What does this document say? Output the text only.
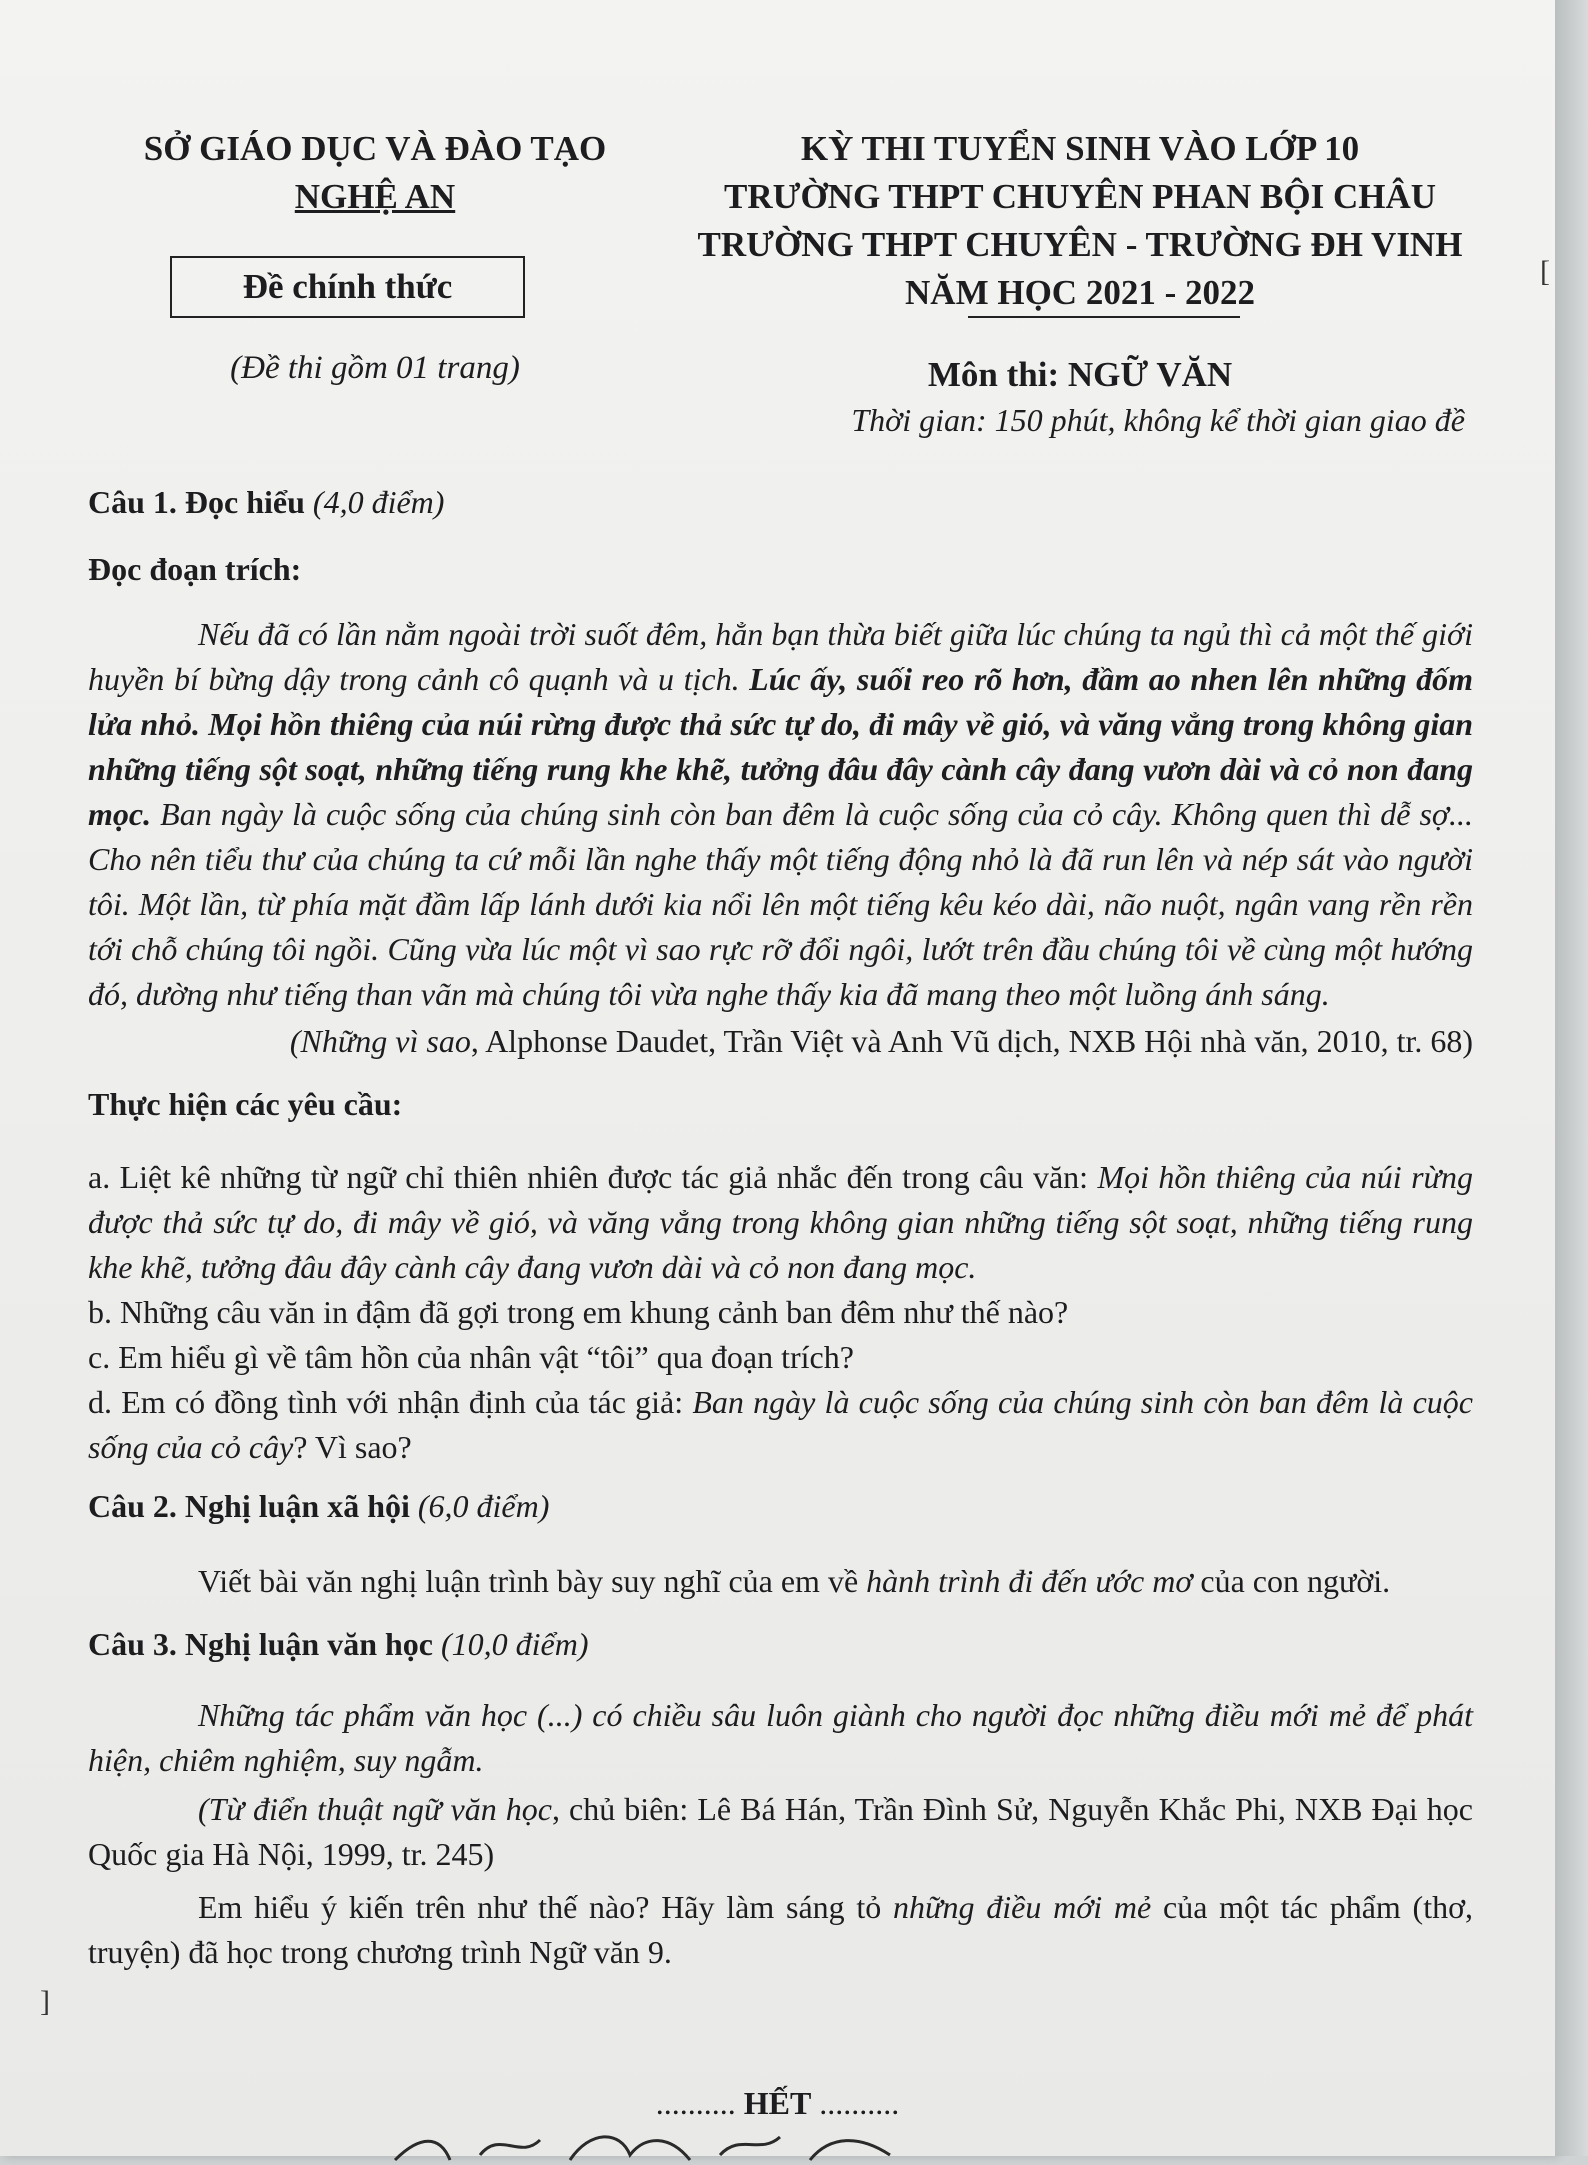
SỞ GIÁO DỤC VÀ ĐÀO TẠO
NGHỆ AN
Đề chính thức
(Đề thi gồm 01 trang)
KỲ THI TUYỂN SINH VÀO LỚP 10
TRƯỜNG THPT CHUYÊN PHAN BỘI CHÂU
TRƯỜNG THPT CHUYÊN - TRƯỜNG ĐH VINH
NĂM HỌC 2021 - 2022
Môn thi: NGỮ VĂN
Thời gian: 150 phút, không kể thời gian giao đề
Câu 1. Đọc hiểu (4,0 điểm)
Đọc đoạn trích:

Nếu đã có lần nằm ngoài trời suốt đêm, hẳn bạn thừa biết giữa lúc chúng ta ngủ thì cả một thế giới huyền bí bừng dậy trong cảnh cô quạnh và u tịch. Lúc ấy, suối reo rõ hơn, đầm ao nhen lên những đốm lửa nhỏ. Mọi hồn thiêng của núi rừng được thả sức tự do, đi mây về gió, và văng vẳng trong không gian những tiếng sột soạt, những tiếng rung khe khẽ, tưởng đâu đây cành cây đang vươn dài và cỏ non đang mọc. Ban ngày là cuộc sống của chúng sinh còn ban đêm là cuộc sống của cỏ cây. Không quen thì dễ sợ... Cho nên tiểu thư của chúng ta cứ mỗi lần nghe thấy một tiếng động nhỏ là đã run lên và nép sát vào người tôi. Một lần, từ phía mặt đầm lấp lánh dưới kia nổi lên một tiếng kêu kéo dài, não nuột, ngân vang rền rền tới chỗ chúng tôi ngồi. Cũng vừa lúc một vì sao rực rỡ đổi ngôi, lướt trên đầu chúng tôi về cùng một hướng đó, dường như tiếng than vãn mà chúng tôi vừa nghe thấy kia đã mang theo một luồng ánh sáng.

(Những vì sao, Alphonse Daudet, Trần Việt và Anh Vũ dịch, NXB Hội nhà văn, 2010, tr. 68)
Thực hiện các yêu cầu:
a. Liệt kê những từ ngữ chỉ thiên nhiên được tác giả nhắc đến trong câu văn: Mọi hồn thiêng của núi rừng được thả sức tự do, đi mây về gió, và văng vẳng trong không gian những tiếng sột soạt, những tiếng rung khe khẽ, tưởng đâu đây cành cây đang vươn dài và cỏ non đang mọc.
b. Những câu văn in đậm đã gợi trong em khung cảnh ban đêm như thế nào?
c. Em hiểu gì về tâm hồn của nhân vật “tôi” qua đoạn trích?
d. Em có đồng tình với nhận định của tác giả: Ban ngày là cuộc sống của chúng sinh còn ban đêm là cuộc sống của cỏ cây? Vì sao?
Câu 2. Nghị luận xã hội (6,0 điểm)
Viết bài văn nghị luận trình bày suy nghĩ của em về hành trình đi đến ước mơ của con người.
Câu 3. Nghị luận văn học (10,0 điểm)
Những tác phẩm văn học (...) có chiều sâu luôn giành cho người đọc những điều mới mẻ để phát hiện, chiêm nghiệm, suy ngẫm.
(Từ điển thuật ngữ văn học, chủ biên: Lê Bá Hán, Trần Đình Sử, Nguyễn Khắc Phi, NXB Đại học Quốc gia Hà Nội, 1999, tr. 245)
Em hiểu ý kiến trên như thế nào? Hãy làm sáng tỏ những điều mới mẻ của một tác phẩm (thơ, truyện) đã học trong chương trình Ngữ văn 9.
.......... HẾT ..........
[
]
